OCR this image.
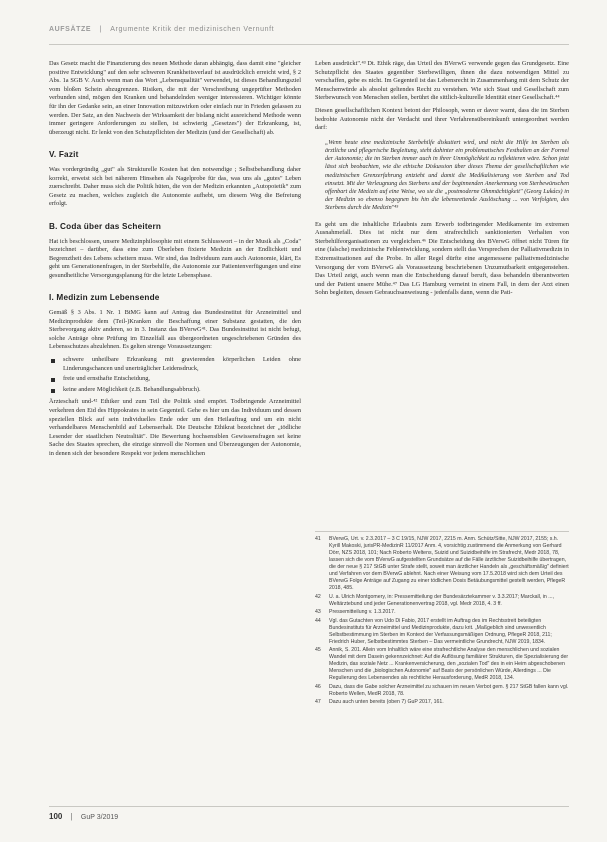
AUFSÄTZE | Argumente Kritik der medizinischen Vernunft

Das Gesetz macht die Finanzierung des neuen Methode daran abhängig, dass damit eine "gleicher positive Entwicklung" auf den sehr schweren Krankheitsverlauf ist ausdrücklich erreicht wird, § 2 Abs. 1a SGB V. Auch wenn man das Wort „Lebensqualität" verwendet, ist dieses Behandlungsziel vom bloßen Schein abzugrenzen. Risiken, die mit der Verschreibung ungeprüfter Methoden verbunden sind, mögen den Kranken und behandelnden weniger interessieren. Wichtiger könnte für ihn der Gedanke sein, an einer Innovation mitzuwirken oder einfach nur in Frieden gelassen zu werden. Der Satz, an den Nachweis der Wirksamkeit der bislang nicht ausreichend Methode wenn immer geringere Anforderungen zu stellen, ist schwierig „Gesetzes") der Erkrankung, ist, überzeugt nicht. Er lenkt von den Schutzpflichten der Medizin (und der Gesellschaft) ab.

V. Fazit

Was vordergründig „gut" als Strukturelle Kosten hat den notwendige ; Selbstbehandlung daher korrekt, erweist sich bei näherem Hinsehen als Nagelprobe für das, was uns als „gutes" Leben zuerschreibt. Daher muss sich die Politik hüten, die von der Medizin erkannten „Autopoietik“ zum Gesetz zu machen, welches zugleich die Autonomie aufhebt, um diesem Weg die Befreiung erfolgt.

B. Coda über das Scheitern

Hat ich beschlossen, unsere Medizinphilosophie mit einem Schlusswort – in der Musik als „Coda" bezeichnet – darüber, dass eine zum Überleben fixierte Medizin an der Endlichkeit und Begrenztheit des Lebens scheitern muss. Wir sind, das Individuum zum auch Autonomie, klärt, Es geht um Generationenfragen, in der Sterbehilfe, die Autonomie zur Patientenverfügungen und eine gesundheitliche Versorgungsplanung für die letzte Lebensphase.

I. Medizin zum Lebensende

Gemäß § 3 Abs. 1 Nr. 1 BtMG kann auf Antrag das Bundesinstitut für Arzneimittel und Medizinprodukte dem (Teil-)Kranken die Beschaffung einer Substanz gestatten, die den Sterbevorgang aktiv anderen, so in 3. Instanz das BVerwG⁴¹. Das Bundesinstitut ist nicht befugt, solche Anträge ohne Prüfung im Einzelfall aus übergeordneten ungeschriebenen Gründen des Lebensschutzes abzulehnen. Es gelten strenge Voraussetzungen:

schwere unheilbare Erkrankung mit gravierenden körperlichen Leiden ohne Linderungschancen und unerträglicher Leidensdruck,
freie und ernsthafte Entscheidung,
keine andere Möglichkeit (z.B. Behandlungsabbruch).

Ärzteschaft und-⁴² Ethiker und zum Teil die Politik sind empört. Todbringende Arzneimittel verkehren den Eid des Hippokrates in sein Gegenteil. Gehe es hier um das Individuum und dessen speziellen Blick auf sein individuelles Ende oder um den Heilauftrag und um ein nicht verhandelbares Menschenbild auf Lebenserhalt. Die Deutsche Ethikrat bezeichnet der „tödliche Lesender der staatlichen Neutralität". Die Bewertung hochsensiblen Gewissensfragen sei keine Sache des Staates sprechen, die einzige sinnvoll die Normen und Überzeugungen der Autonomie, in denen sich der besondere Respekt vor jedem menschlichen

Leben ausdrückt".⁴³ Dt. Ethik räge, das Urteil des BVerwG verwende gegen das Grundgesetz. Eine Schutzpflicht des Staates gegenüber Sterbewilligen, ihnen die dazu notwendigen Mittel zu verschaffen, gebe es nicht. Im Gegenteil ist das Lebensrecht in Zusammenhang mit dem Schutz der Menschenwürde als absolut geltendes Recht zu verstehen. Wie sich Staat und Gesellschaft zum Sterbewunsch von Menschen stellen, berührt die sittlich-kulturelle Identität einer Gesellschaft.⁴⁴

Diesen gesellschaftlichen Kontext betont der Philosoph, wenn er davor warnt, dass die im Sterben bedrohte Autonomie nicht der Verdacht und ihrer Verfahrensübereinkunft untergeordnet werden darf:

„Wenn heute eine medizinische Sterbehilfe diskutiert wird, und nicht die Hilfe im Sterben als ärztliche und pflegerische Begleitung, steht dahinter ein problematisches Festhalten an der Formel der Autonomie; die im Sterben immer auch in ihrer Unmöglichkeit zu reflektieren wäre. Schon jetzt lässt sich beobachten, wie die ethische Diskussion über dieses Thema der gesellschaftlichen wie medizinischen Grenzerfahrung entzieht und damit die Medikalisierung von Sterben und Tod einsetzt. Mit der Verleugnung des Sterbens und der beginnenden Anerkennung von Sterbewünschen offenbart die Medizin auf eine Weise, wo sie die „postmoderne Ohnmächtigkeit" (Georg Lukács) in der Medizin so ebenso begegnen bis hin die lebensrettende Auslöschung ... von Verfolgten, des Sterbens durch die Medizin"⁴⁵

Es geht um die inhaltliche Erlaubnis zum Erwerb todbringender Medikamente im extremen Ausnahmefall. Dies ist nicht nur dem strafrechtlich sanktionierten Verhalten von Sterbehilfeorganisationen zu vergleichen.⁴⁶ Die Entscheidung des BVerwG öffnet nicht Türen für eine (falsche) medizinische Fehlentwicklung, sondern stellt das Versprechen der Palliativmedizin in Extremsituationen auf die Probe. In aller Regel dürfte eine angemessene palliativmedizinische Versorgung der vom BVerwG als Voraussetzung beschriebenen Unzumutbarkeit entgegenstehen. Das Urteil zeigt, auch wenn man die Entscheidung darauf beruft, dass behandeln überantworten und der Patient unsere Mühe.⁴⁷ Das LG Hamburg verneint in einem Fall, in dem der Arzt einen Sohn begleiten, dessen Gebrauchsanweisung - jedenfalls dann, wenn die Pati-

41	BVerwG, Urt. v. 2.3.2017 – 3 C 19/15, NJW 2017, 2215 m. Anm. Schütz/Sitte, NJW 2017, 2155; s.h. Kyrill Makoski, jurisPR-MedizinR 11/2017 Anm. 4, vorsichtig zustimmend die Anmerkung von Gerhard Dörr, NZS 2018, 101; Nach Roberto Weltens, Suizid und Suizidbeihilfe im Strafrecht, Medr 2018, 78, lassen sich die vom BVerwG aufgestellten Grundsätze auf die Fälle ärztlicher Suizidbeihilfe übertragen, die der neue § 217 StGB unter Strafe stellt, soweit man ärztlicher Handeln als „geschäftsmäßig" definiert und Verfahren vor dem BVerwG ablehnt. Nach einer Weisung vom 17.5.2018 wird sich dem Urteil des BVerwG Folge Anträge auf Zugang zu einer tödlichen Dosis Betäubungsmittel gestellt werden, PflegeR 2018, 485.
42	U. a. Ulrich Montgomery, in: Pressemitteilung der Bundesärztekammer v. 3.3.2017; Marckall, in ..., Weltärztebund und jeder Generationenvertrag 2018, vgl. Medr 2018, 4. 3 ff.
43	Pressemitteilung v. 1.3.2017.
44	Vgl. das Gutachten von Udo Di Fabio, 2017 erstellt im Auftrag des im Rechtsstreit beteiligten Bundesinstituts für Arzneimittel und Medizinprodukte, dazu krit. „Maßgeblich sind unwesentlich Selbstbestimmung im Sterben im Kontext der Verfassungsmäßigen Ordnung, PflegeR 2018, 211; Friedrich Huber, Selbstbestimmtes Sterben – Das vermeintliche Grundrecht, NJW 2019, 1834.
45	Annik, S. 201. Allein vom Inhaltlich wäre eine strafrechtliche Analyse den menschlichen und sozialen Wandel mit dem Dasein gekennzeichnet: Auf die Auflösung familiärer Strukturen, die Spezialisierung der Medizin, das soziale Netz ... Krankenversicherung, den „sozialen Tod" des in ein Heim abgeschobenen Menschen und die „biologischen Autonomie" auf Basis der persönlichen Würde, Allerdings ... Die Regulierung des Lebensendes als rechtliche Herausforderung, MedR 2018, 134.
46	Dazu, dass die Gabe solcher Arzneimittel zu schauen im neuen Verbot gem. § 217 StGB fallen kann vgl. Roberto Wellen, MedR 2018, 78.
47	Dazu auch unten bereits (oben 7) GuP 2017, 161.
100 | GuP 3/2019
